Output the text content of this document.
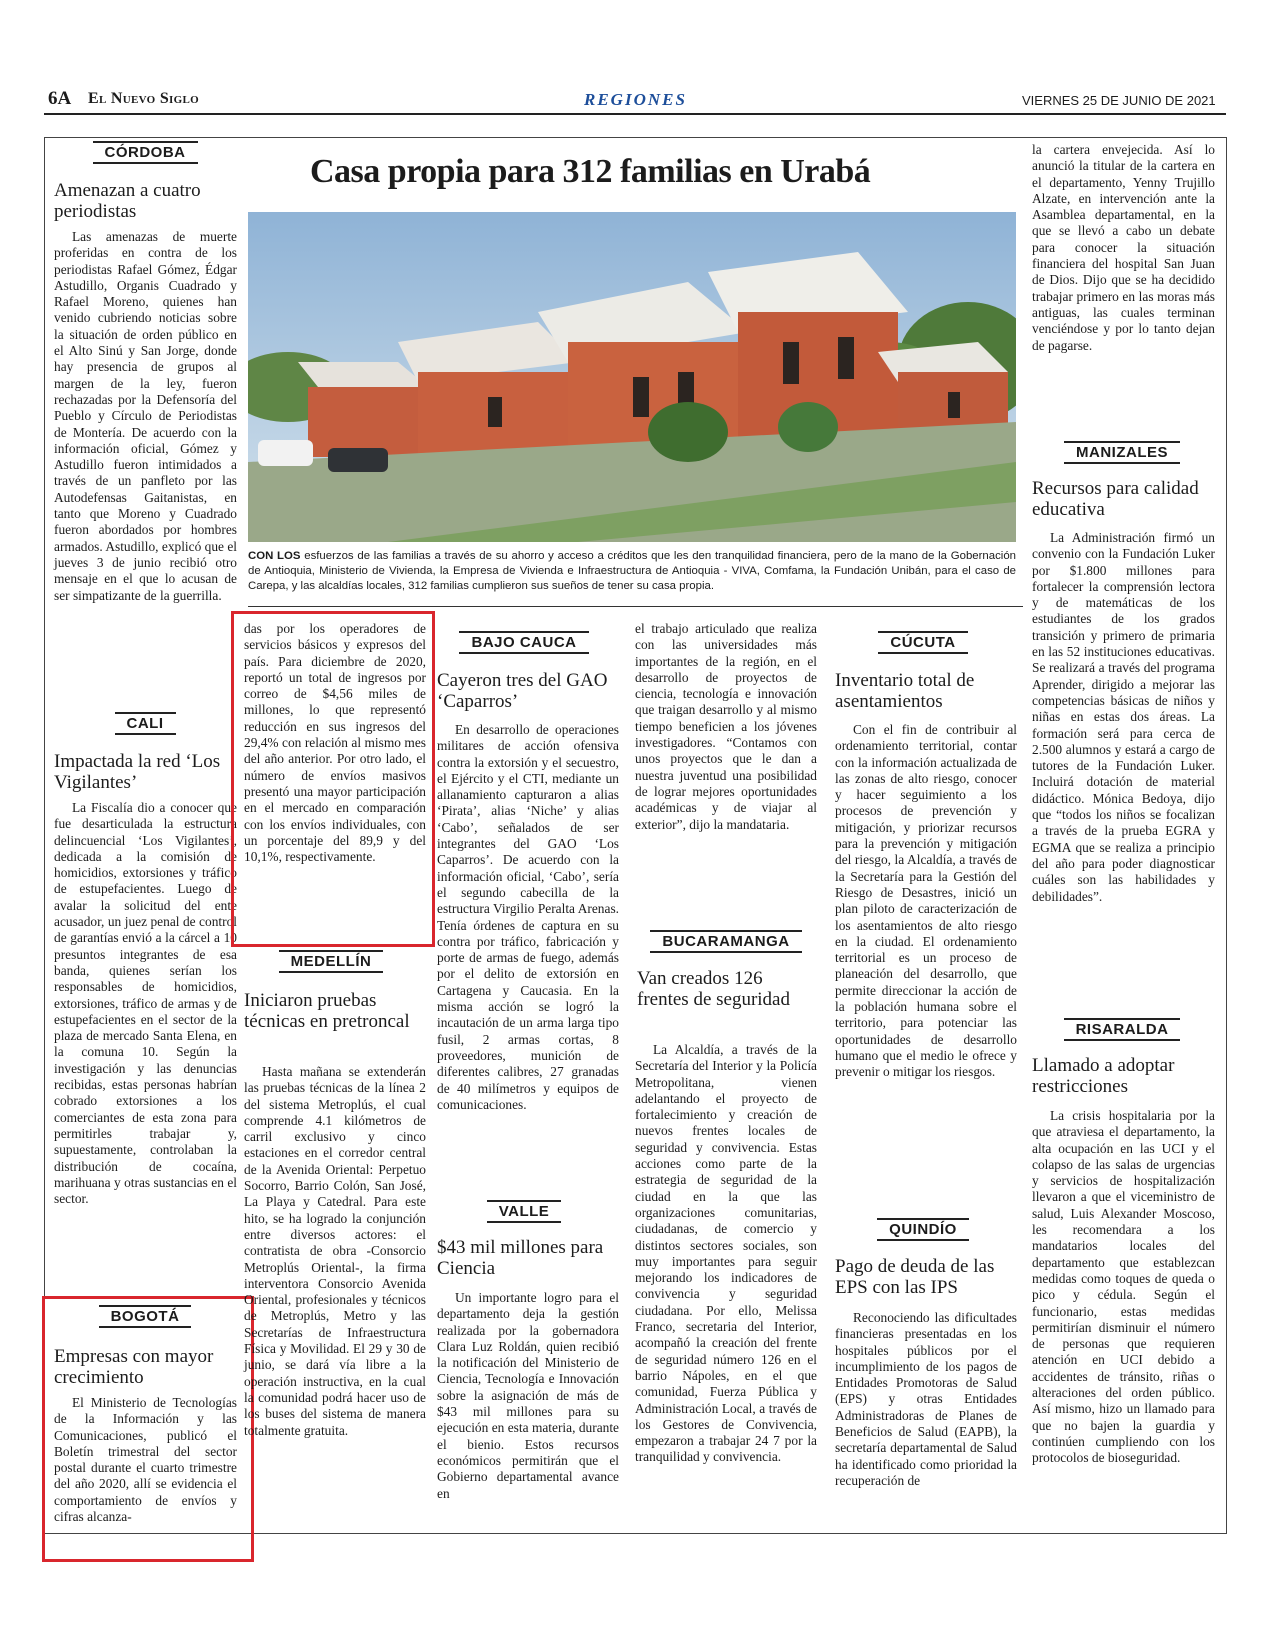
6A El Nuevo Siglo	REGIONES	VIERNES 25 DE JUNIO DE 2021
CÓRDOBA
Amenazan a cuatro periodistas

Las amenazas de muerte proferidas en contra de los periodistas Rafael Gómez, Édgar Astudillo, Organis Cuadrado y Rafael Moreno, quienes han venido cubriendo noticias sobre la situación de orden público en el Alto Sinú y San Jorge, donde hay presencia de grupos al margen de la ley, fueron rechazadas por la Defensoría del Pueblo y Círculo de Periodistas de Montería. De acuerdo con la información oficial, Gómez y Astudillo fueron intimidados a través de un panfleto por las Autodefensas Gaitanistas, en tanto que Moreno y Cuadrado fueron abordados por hombres armados. Astudillo, explicó que el jueves 3 de junio recibió otro mensaje en el que lo acusan de ser simpatizante de la guerrilla.

CALI
Impactada la red ‘Los Vigilantes’

La Fiscalía dio a conocer que fue desarticulada la estructura delincuencial ‘Los Vigilantes’, dedicada a la comisión de homicidios, extorsiones y tráfico de estupefacientes. Luego de avalar la solicitud del ente acusador, un juez penal de control de garantías envió a la cárcel a 10 presuntos integrantes de esa banda, quienes serían los responsables de homicidios, extorsiones, tráfico de armas y de estupefacientes en el sector de la plaza de mercado Santa Elena, en la comuna 10. Según la investigación y las denuncias recibidas, estas personas habrían cobrado extorsiones a los comerciantes de esta zona para permitirles trabajar y, supuestamente, controlaban la distribución de cocaína, marihuana y otras sustancias en el sector.

BOGOTÁ
Empresas con mayor crecimiento

El Ministerio de Tecnologías de la Información y las Comunicaciones, publicó el Boletín trimestral del sector postal durante el cuarto trimestre del año 2020, allí se evidencia el comportamiento de envíos y cifras alcanza-

Casa propia para 312 familias en Urabá
CON LOS esfuerzos de las familias a través de su ahorro y acceso a créditos que les den tranquilidad financiera, pero de la mano de la Gobernación de Antioquia, Ministerio de Vivienda, la Empresa de Vivienda e Infraestructura de Antioquia - VIVA, Comfama, la Fundación Unibán, para el caso de Carepa, y las alcaldías locales, 312 familias cumplieron sus sueños de tener su casa propia.

das por los operadores de servicios básicos y expresos del país. Para diciembre de 2020, reportó un total de ingresos por correo de $4,56 miles de millones, lo que representó reducción en sus ingresos del 29,4% con relación al mismo mes del año anterior. Por otro lado, el número de envíos masivos presentó una mayor participación en el mercado en comparación con los envíos individuales, con un porcentaje del 89,9 y del 10,1%, respectivamente.

MEDELLÍN
Iniciaron pruebas técnicas en pretroncal

Hasta mañana se extenderán las pruebas técnicas de la línea 2 del sistema Metroplús, el cual comprende 4.1 kilómetros de carril exclusivo y cinco estaciones en el corredor central de la Avenida Oriental: Perpetuo Socorro, Barrio Colón, San José, La Playa y Catedral. Para este hito, se ha logrado la conjunción entre diversos actores: el contratista de obra -Consorcio Metroplús Oriental-, la firma interventora Consorcio Avenida Oriental, profesionales y técnicos de Metroplús, Metro y las Secretarías de Infraestructura Física y Movilidad. El 29 y 30 de junio, se dará vía libre a la operación instructiva, en la cual la comunidad podrá hacer uso de los buses del sistema de manera totalmente gratuita.

BAJO CAUCA
Cayeron tres del GAO ‘Caparros’

En desarrollo de operaciones militares de acción ofensiva contra la extorsión y el secuestro, el Ejército y el CTI, mediante un allanamiento capturaron a alias ‘Pirata’, alias ‘Niche’ y alias ‘Cabo’, señalados de ser integrantes del GAO ‘Los Caparros’. De acuerdo con la información oficial, ‘Cabo’, sería el segundo cabecilla de la estructura Virgilio Peralta Arenas. Tenía órdenes de captura en su contra por tráfico, fabricación y porte de armas de fuego, además por el delito de extorsión en Cartagena y Caucasia. En la misma acción se logró la incautación de un arma larga tipo fusil, 2 armas cortas, 8 proveedores, munición de diferentes calibres, 27 granadas de 40 milímetros y equipos de comunicaciones.

VALLE
$43 mil millones para Ciencia

Un importante logro para el departamento deja la gestión realizada por la gobernadora Clara Luz Roldán, quien recibió la notificación del Ministerio de Ciencia, Tecnología e Innovación sobre la asignación de más de $43 mil millones para su ejecución en esta materia, durante el bienio. Estos recursos económicos permitirán que el Gobierno departamental avance en

el trabajo articulado que realiza con las universidades más importantes de la región, en el desarrollo de proyectos de ciencia, tecnología e innovación que traigan desarrollo y al mismo tiempo beneficien a los jóvenes investigadores. “Contamos con unos proyectos que le dan a nuestra juventud una posibilidad de lograr mejores oportunidades académicas y de viajar al exterior”, dijo la mandataria.

BUCARAMANGA
Van creados 126 frentes de seguridad

La Alcaldía, a través de la Secretaría del Interior y la Policía Metropolitana, vienen adelantando el proyecto de fortalecimiento y creación de nuevos frentes locales de seguridad y convivencia. Estas acciones como parte de la estrategia de seguridad de la ciudad en la que las organizaciones comunitarias, ciudadanas, de comercio y distintos sectores sociales, son muy importantes para seguir mejorando los indicadores de convivencia y seguridad ciudadana. Por ello, Melissa Franco, secretaria del Interior, acompañó la creación del frente de seguridad número 126 en el barrio Nápoles, en el que comunidad, Fuerza Pública y Administración Local, a través de los Gestores de Convivencia, empezaron a trabajar 24 7 por la tranquilidad y convivencia.

CÚCUTA
Inventario total de asentamientos

Con el fin de contribuir al ordenamiento territorial, contar con la información actualizada de las zonas de alto riesgo, conocer y hacer seguimiento a los procesos de prevención y mitigación, y priorizar recursos para la prevención y mitigación del riesgo, la Alcaldía, a través de la Secretaría para la Gestión del Riesgo de Desastres, inició un plan piloto de caracterización de los asentamientos de alto riesgo en la ciudad. El ordenamiento territorial es un proceso de planeación del desarrollo, que permite direccionar la acción de la población humana sobre el territorio, para potenciar las oportunidades de desarrollo humano que el medio le ofrece y prevenir o mitigar los riesgos.

QUINDÍO
Pago de deuda de las EPS con las IPS

Reconociendo las dificultades financieras presentadas en los hospitales públicos por el incumplimiento de los pagos de Entidades Promotoras de Salud (EPS) y otras Entidades Administradoras de Planes de Beneficios de Salud (EAPB), la secretaría departamental de Salud ha identificado como prioridad la recuperación de

la cartera envejecida. Así lo anunció la titular de la cartera en el departamento, Yenny Trujillo Alzate, en intervención ante la Asamblea departamental, en la que se llevó a cabo un debate para conocer la situación financiera del hospital San Juan de Dios. Dijo que se ha decidido trabajar primero en las moras más antiguas, las cuales terminan venciéndose y por lo tanto dejan de pagarse.

MANIZALES
Recursos para calidad educativa

La Administración firmó un convenio con la Fundación Luker por $1.800 millones para fortalecer la comprensión lectora y de matemáticas de los estudiantes de los grados transición y primero de primaria en las 52 instituciones educativas. Se realizará a través del programa Aprender, dirigido a mejorar las competencias básicas de niños y niñas en estas dos áreas. La formación será para cerca de 2.500 alumnos y estará a cargo de tutores de la Fundación Luker. Incluirá dotación de material didáctico. Mónica Bedoya, dijo que “todos los niños se focalizan a través de la prueba EGRA y EGMA que se realiza a principio del año para poder diagnosticar cuáles son las habilidades y debilidades”.

RISARALDA
Llamado a adoptar restricciones

La crisis hospitalaria por la que atraviesa el departamento, la alta ocupación en las UCI y el colapso de las salas de urgencias y servicios de hospitalización llevaron a que el viceministro de salud, Luis Alexander Moscoso, les recomendara a los mandatarios locales del departamento que establezcan medidas como toques de queda o pico y cédula. Según el funcionario, estas medidas permitirían disminuir el número de personas que requieren atención en UCI debido a accidentes de tránsito, riñas o alteraciones del orden público. Así mismo, hizo un llamado para que no bajen la guardia y continúen cumpliendo con los protocolos de bioseguridad.
